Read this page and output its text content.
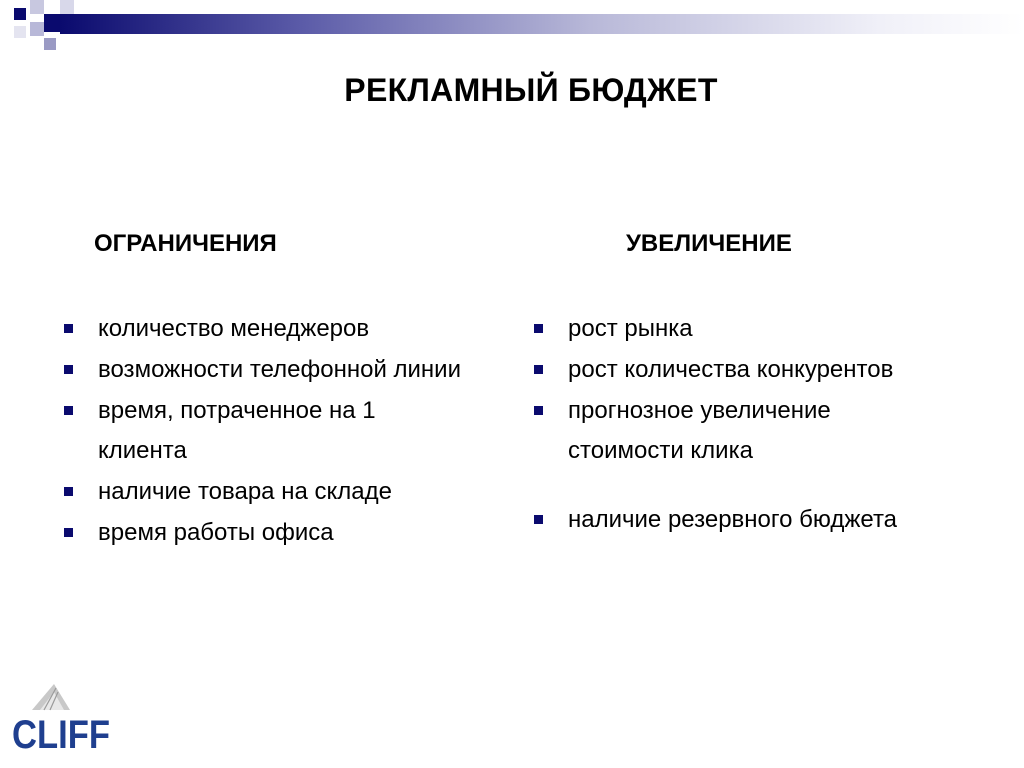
РЕКЛАМНЫЙ БЮДЖЕТ
ОГРАНИЧЕНИЯ
количество менеджеров
возможности телефонной линии
время, потраченное на 1
клиента
наличие товара на складе
время работы офиса
УВЕЛИЧЕНИЕ
рост рынка
рост количества конкурентов
прогнозное увеличение
стоимости клика
наличие резервного бюджета
CLIFF
